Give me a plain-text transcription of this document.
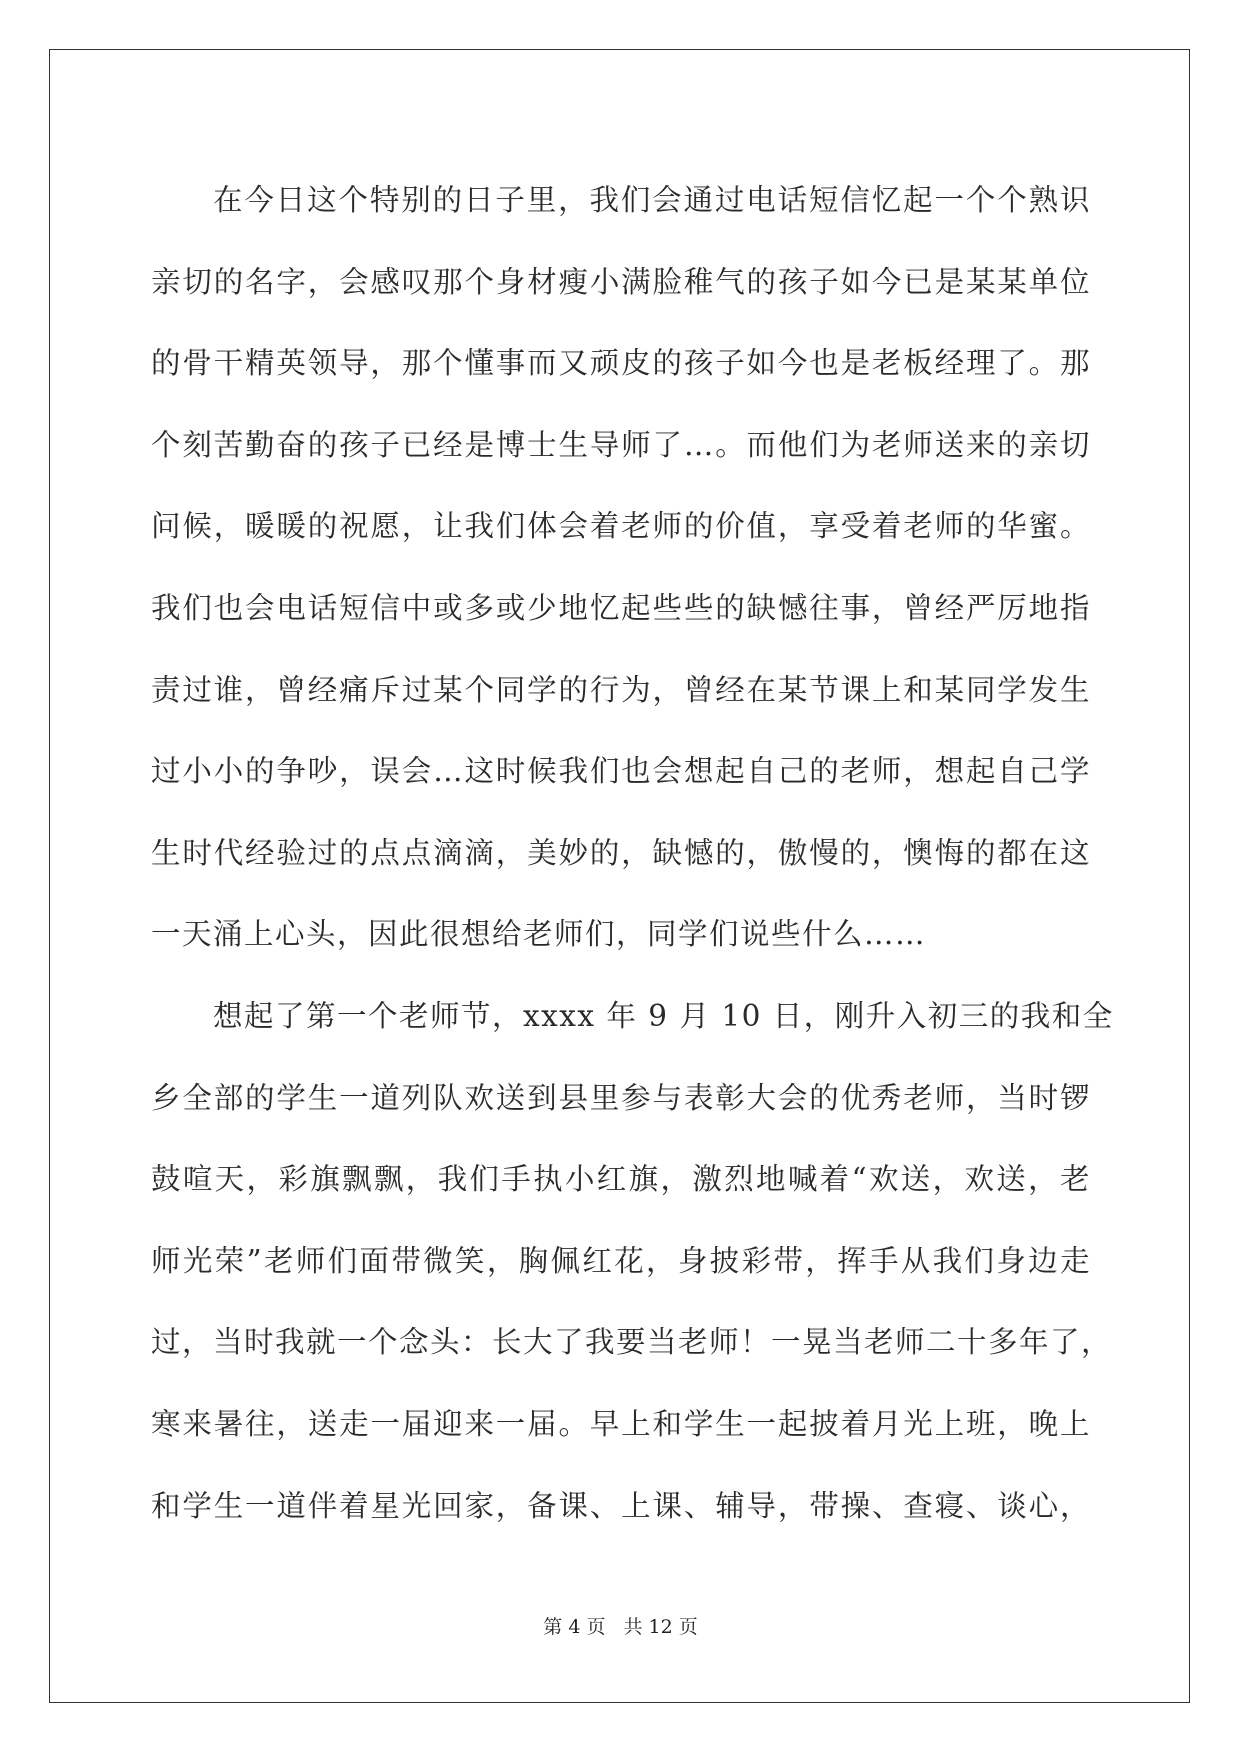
在今日这个特别的日子里，我们会通过电话短信忆起一个个熟识
亲切的名字，会感叹那个身材瘦小满脸稚气的孩子如今已是某某单位
的骨干精英领导，那个懂事而又顽皮的孩子如今也是老板经理了。那
个刻苦勤奋的孩子已经是博士生导师了…。而他们为老师送来的亲切
问候，暖暖的祝愿，让我们体会着老师的价值，享受着老师的华蜜。
我们也会电话短信中或多或少地忆起些些的缺憾往事，曾经严厉地指
责过谁，曾经痛斥过某个同学的行为，曾经在某节课上和某同学发生
过小小的争吵，误会…这时候我们也会想起自己的老师，想起自己学
生时代经验过的点点滴滴，美妙的，缺憾的，傲慢的，懊悔的都在这
一天涌上心头，因此很想给老师们，同学们说些什么……
想起了第一个老师节，xxxx 年 9 月 10 日，刚升入初三的我和全
乡全部的学生一道列队欢送到县里参与表彰大会的优秀老师，当时锣
鼓喧天，彩旗飘飘，我们手执小红旗，激烈地喊着“欢送，欢送，老
师光荣”老师们面带微笑，胸佩红花，身披彩带，挥手从我们身边走
过，当时我就一个念头：长大了我要当老师！一晃当老师二十多年了，
寒来暑往，送走一届迎来一届。早上和学生一起披着月光上班，晚上
和学生一道伴着星光回家，备课、上课、辅导，带操、查寝、谈心，
第 4 页 共 12 页
